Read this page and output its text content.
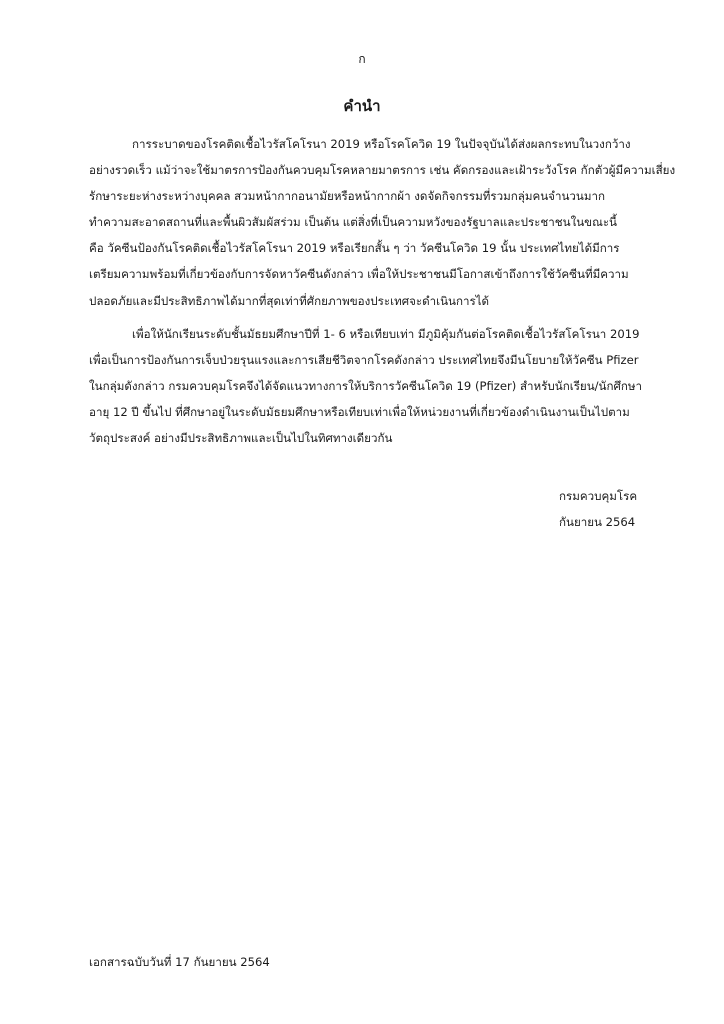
ก
คำนำ

การระบาดของโรคติดเชื้อไวรัสโคโรนา 2019 หรือโรคโควิด 19 ในปัจจุบันได้ส่งผลกระทบในวงกว้าง
อย่างรวดเร็ว แม้ว่าจะใช้มาตรการป้องกันควบคุมโรคหลายมาตรการ เช่น คัดกรองและเฝ้าระวังโรค กักตัวผู้มีความเสี่ยง
รักษาระยะห่างระหว่างบุคคล สวมหน้ากากอนามัยหรือหน้ากากผ้า งดจัดกิจกรรมที่รวมกลุ่มคนจำนวนมาก
ทำความสะอาดสถานที่และพื้นผิวสัมผัสร่วม เป็นต้น แต่สิ่งที่เป็นความหวังของรัฐบาลและประชาชนในขณะนี้
คือ วัคซีนป้องกันโรคติดเชื้อไวรัสโคโรนา 2019 หรือเรียกสั้น ๆ ว่า วัคซีนโควิด 19 นั้น ประเทศไทยได้มีการ
เตรียมความพร้อมที่เกี่ยวข้องกับการจัดหาวัคซีนดังกล่าว เพื่อให้ประชาชนมีโอกาสเข้าถึงการใช้วัคซีนที่มีความ
ปลอดภัยและมีประสิทธิภาพได้มากที่สุดเท่าที่ศักยภาพของประเทศจะดำเนินการได้

เพื่อให้นักเรียนระดับชั้นมัธยมศึกษาปีที่ 1- 6 หรือเทียบเท่า มีภูมิคุ้มกันต่อโรคติดเชื้อไวรัสโคโรนา 2019
เพื่อเป็นการป้องกันการเจ็บป่วยรุนแรงและการเสียชีวิตจากโรคดังกล่าว ประเทศไทยจึงมีนโยบายให้วัคซีน Pfizer
ในกลุ่มดังกล่าว กรมควบคุมโรคจึงได้จัดแนวทางการให้บริการวัคซีนโควิด 19 (Pfizer) สำหรับนักเรียน/นักศึกษา
อายุ 12 ปี ขึ้นไป ที่ศึกษาอยู่ในระดับมัธยมศึกษาหรือเทียบเท่าเพื่อให้หน่วยงานที่เกี่ยวข้องดำเนินงานเป็นไปตาม
วัตถุประสงค์ อย่างมีประสิทธิภาพและเป็นไปในทิศทางเดียวกัน

กรมควบคุมโรค
กันยายน 2564
เอกสารฉบับวันที่ 17 กันยายน 2564
